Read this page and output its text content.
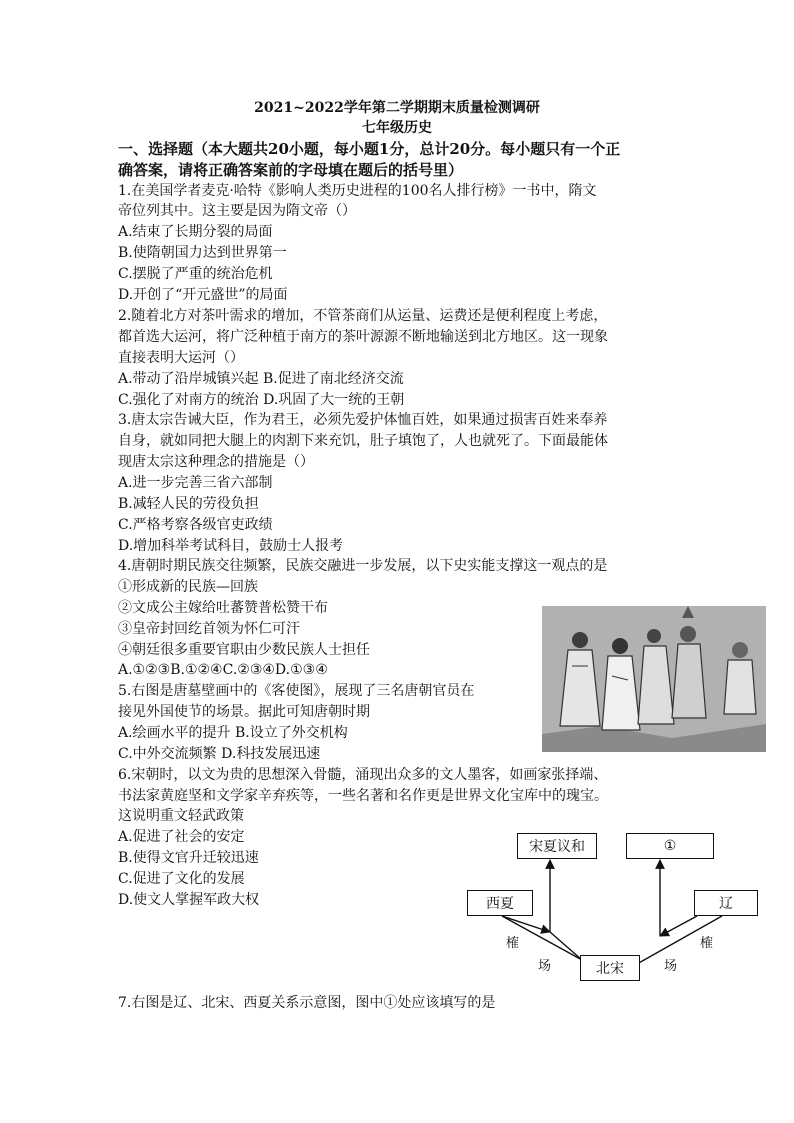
2021~2022学年第二学期期末质量检测调研
七年级历史
一、选择题（本大题共20小题，每小题1分，总计20分。每小题只有一个正
确答案，请将正确答案前的字母填在题后的括号里）
1.在美国学者麦克·哈特《影响人类历史进程的100名人排行榜》一书中，隋文
帝位列其中。这主要是因为隋文帝（）
A.结束了长期分裂的局面
B.使隋朝国力达到世界第一
C.摆脱了严重的统治危机
D.开创了“开元盛世”的局面
2.随着北方对茶叶需求的增加，不管茶商们从运量、运费还是便利程度上考虑，
都首选大运河，将广泛种植于南方的茶叶源源不断地输送到北方地区。这一现象
直接表明大运河（）
A.带动了沿岸城镇兴起 B.促进了南北经济交流
C.强化了对南方的统治 D.巩固了大一统的王朝
3.唐太宗告诫大臣，作为君王，必须先爱护体恤百姓，如果通过损害百姓来奉养
自身，就如同把大腿上的肉割下来充饥，肚子填饱了，人也就死了。下面最能体
现唐太宗这种理念的措施是（）
A.进一步完善三省六部制
B.减轻人民的劳役负担
C.严格考察各级官吏政绩
D.增加科举考试科目，鼓励士人报考
4.唐朝时期民族交往频繁，民族交融进一步发展，以下史实能支撑这一观点的是
①形成新的民族—回族
②文成公主嫁给吐蕃赞普松赞干布
③皇帝封回纥首领为怀仁可汗
④朝廷很多重要官职由少数民族人士担任
A.①②③B.①②④C.②③④D.①③④
5.右图是唐墓壁画中的《客使图》，展现了三名唐朝官员在
接见外国使节的场景。据此可知唐朝时期
A.绘画水平的提升 B.设立了外交机构
C.中外交流频繁 D.科技发展迅速
6.宋朝时，以文为贵的思想深入骨髓，涌现出众多的文人墨客，如画家张择端、
书法家黄庭坚和文学家辛弃疾等，一些名著和名作更是世界文化宝库中的瑰宝。
这说明重文轻武政策
A.促进了社会的安定
B.使得文官升迁较迅速
C.促进了文化的发展
D.使文人掌握军政大权
宋夏议和	①
西夏	辽
北宋
榷
场
榷
场
7.右图是辽、北宋、西夏关系示意图，图中①处应该填写的是
